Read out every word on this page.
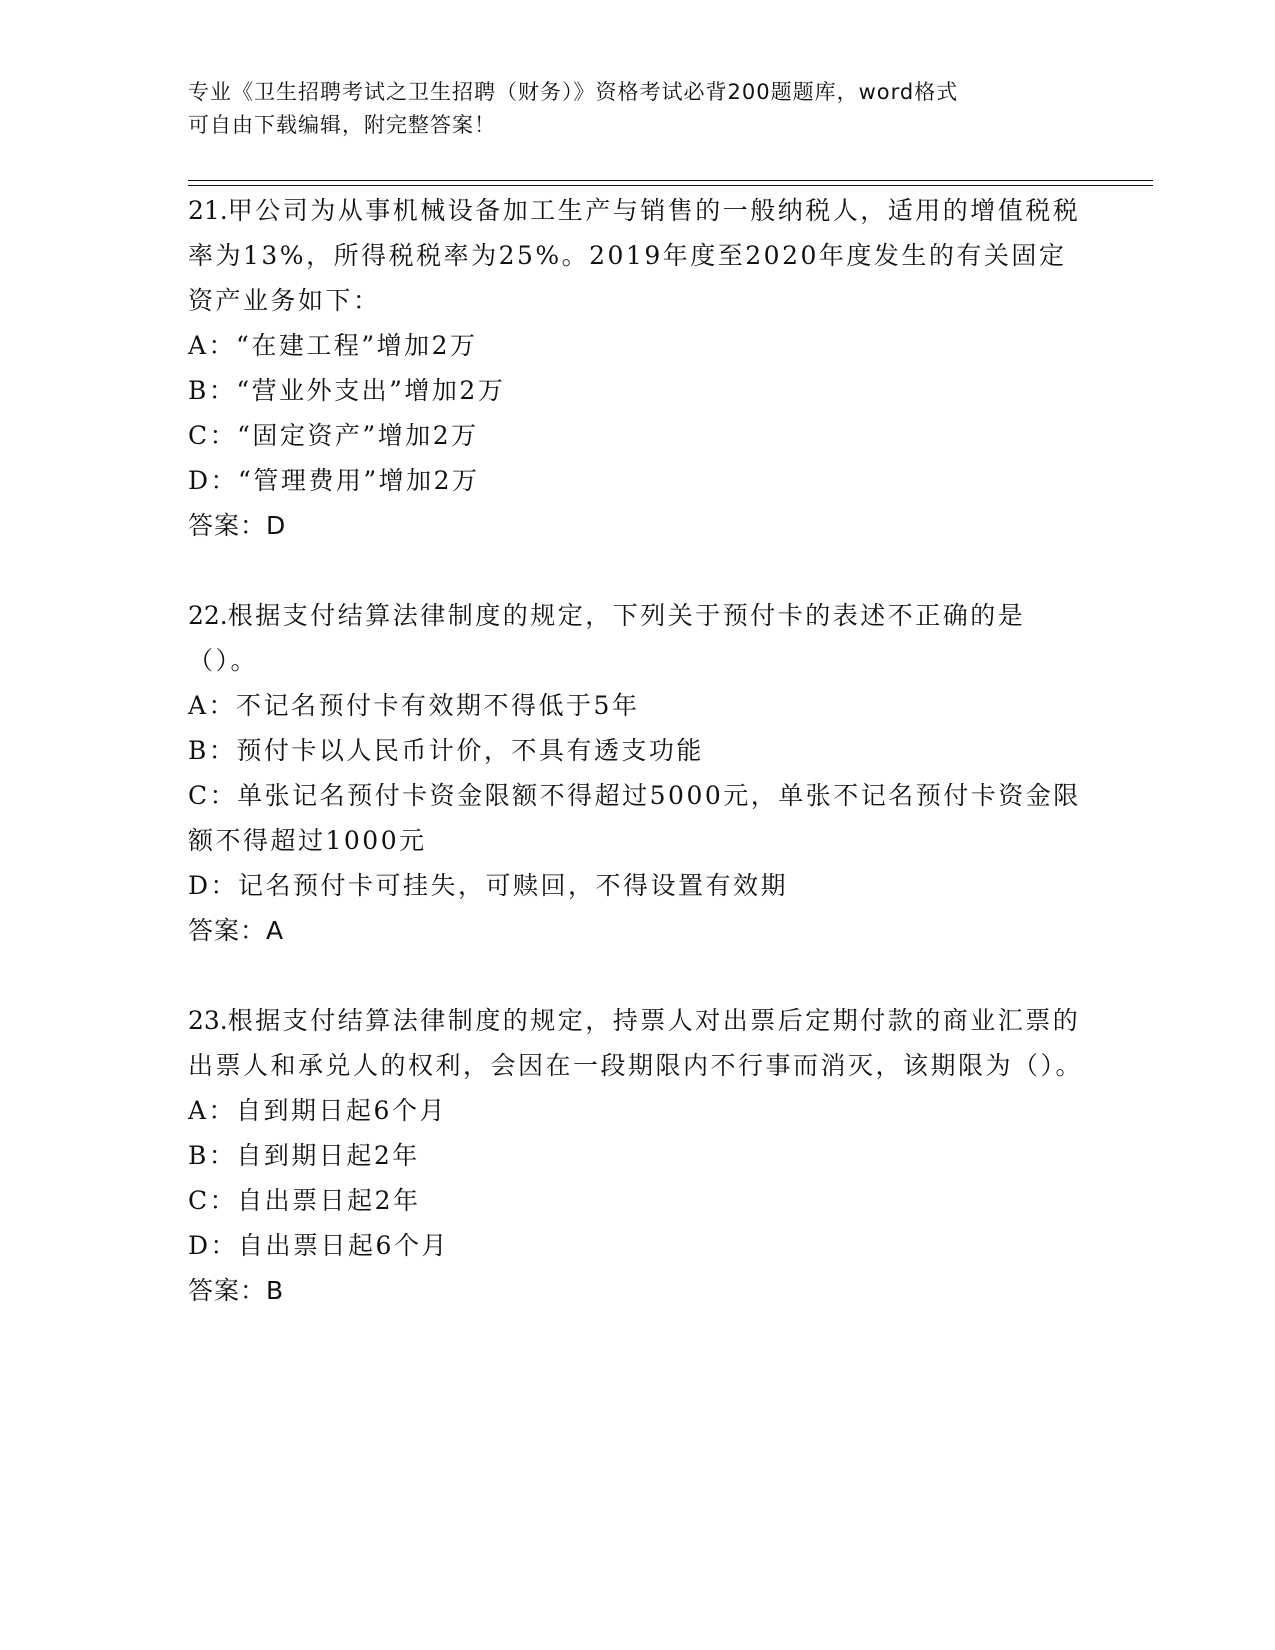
专业《卫生招聘考试之卫生招聘（财务）》资格考试必背200题题库，word格式
可自由下载编辑，附完整答案！
21.甲公司为从事机械设备加工生产与销售的一般纳税人，适用的增值税税率为13%，所得税税率为25%。2019年度至2020年度发生的有关固定资产业务如下：
A：“在建工程”增加2万
B：“营业外支出”增加2万
C：“固定资产”增加2万
D：“管理费用”增加2万
答案：D
22.根据支付结算法律制度的规定，下列关于预付卡的表述不正确的是（）。
A：不记名预付卡有效期不得低于5年
B：预付卡以人民币计价，不具有透支功能
C：单张记名预付卡资金限额不得超过5000元，单张不记名预付卡资金限额不得超过1000元
D：记名预付卡可挂失，可赎回，不得设置有效期
答案：A
23.根据支付结算法律制度的规定，持票人对出票后定期付款的商业汇票的出票人和承兑人的权利，会因在一段期限内不行事而消灭，该期限为（）。
A：自到期日起6个月
B：自到期日起2年
C：自出票日起2年
D：自出票日起6个月
答案：B
